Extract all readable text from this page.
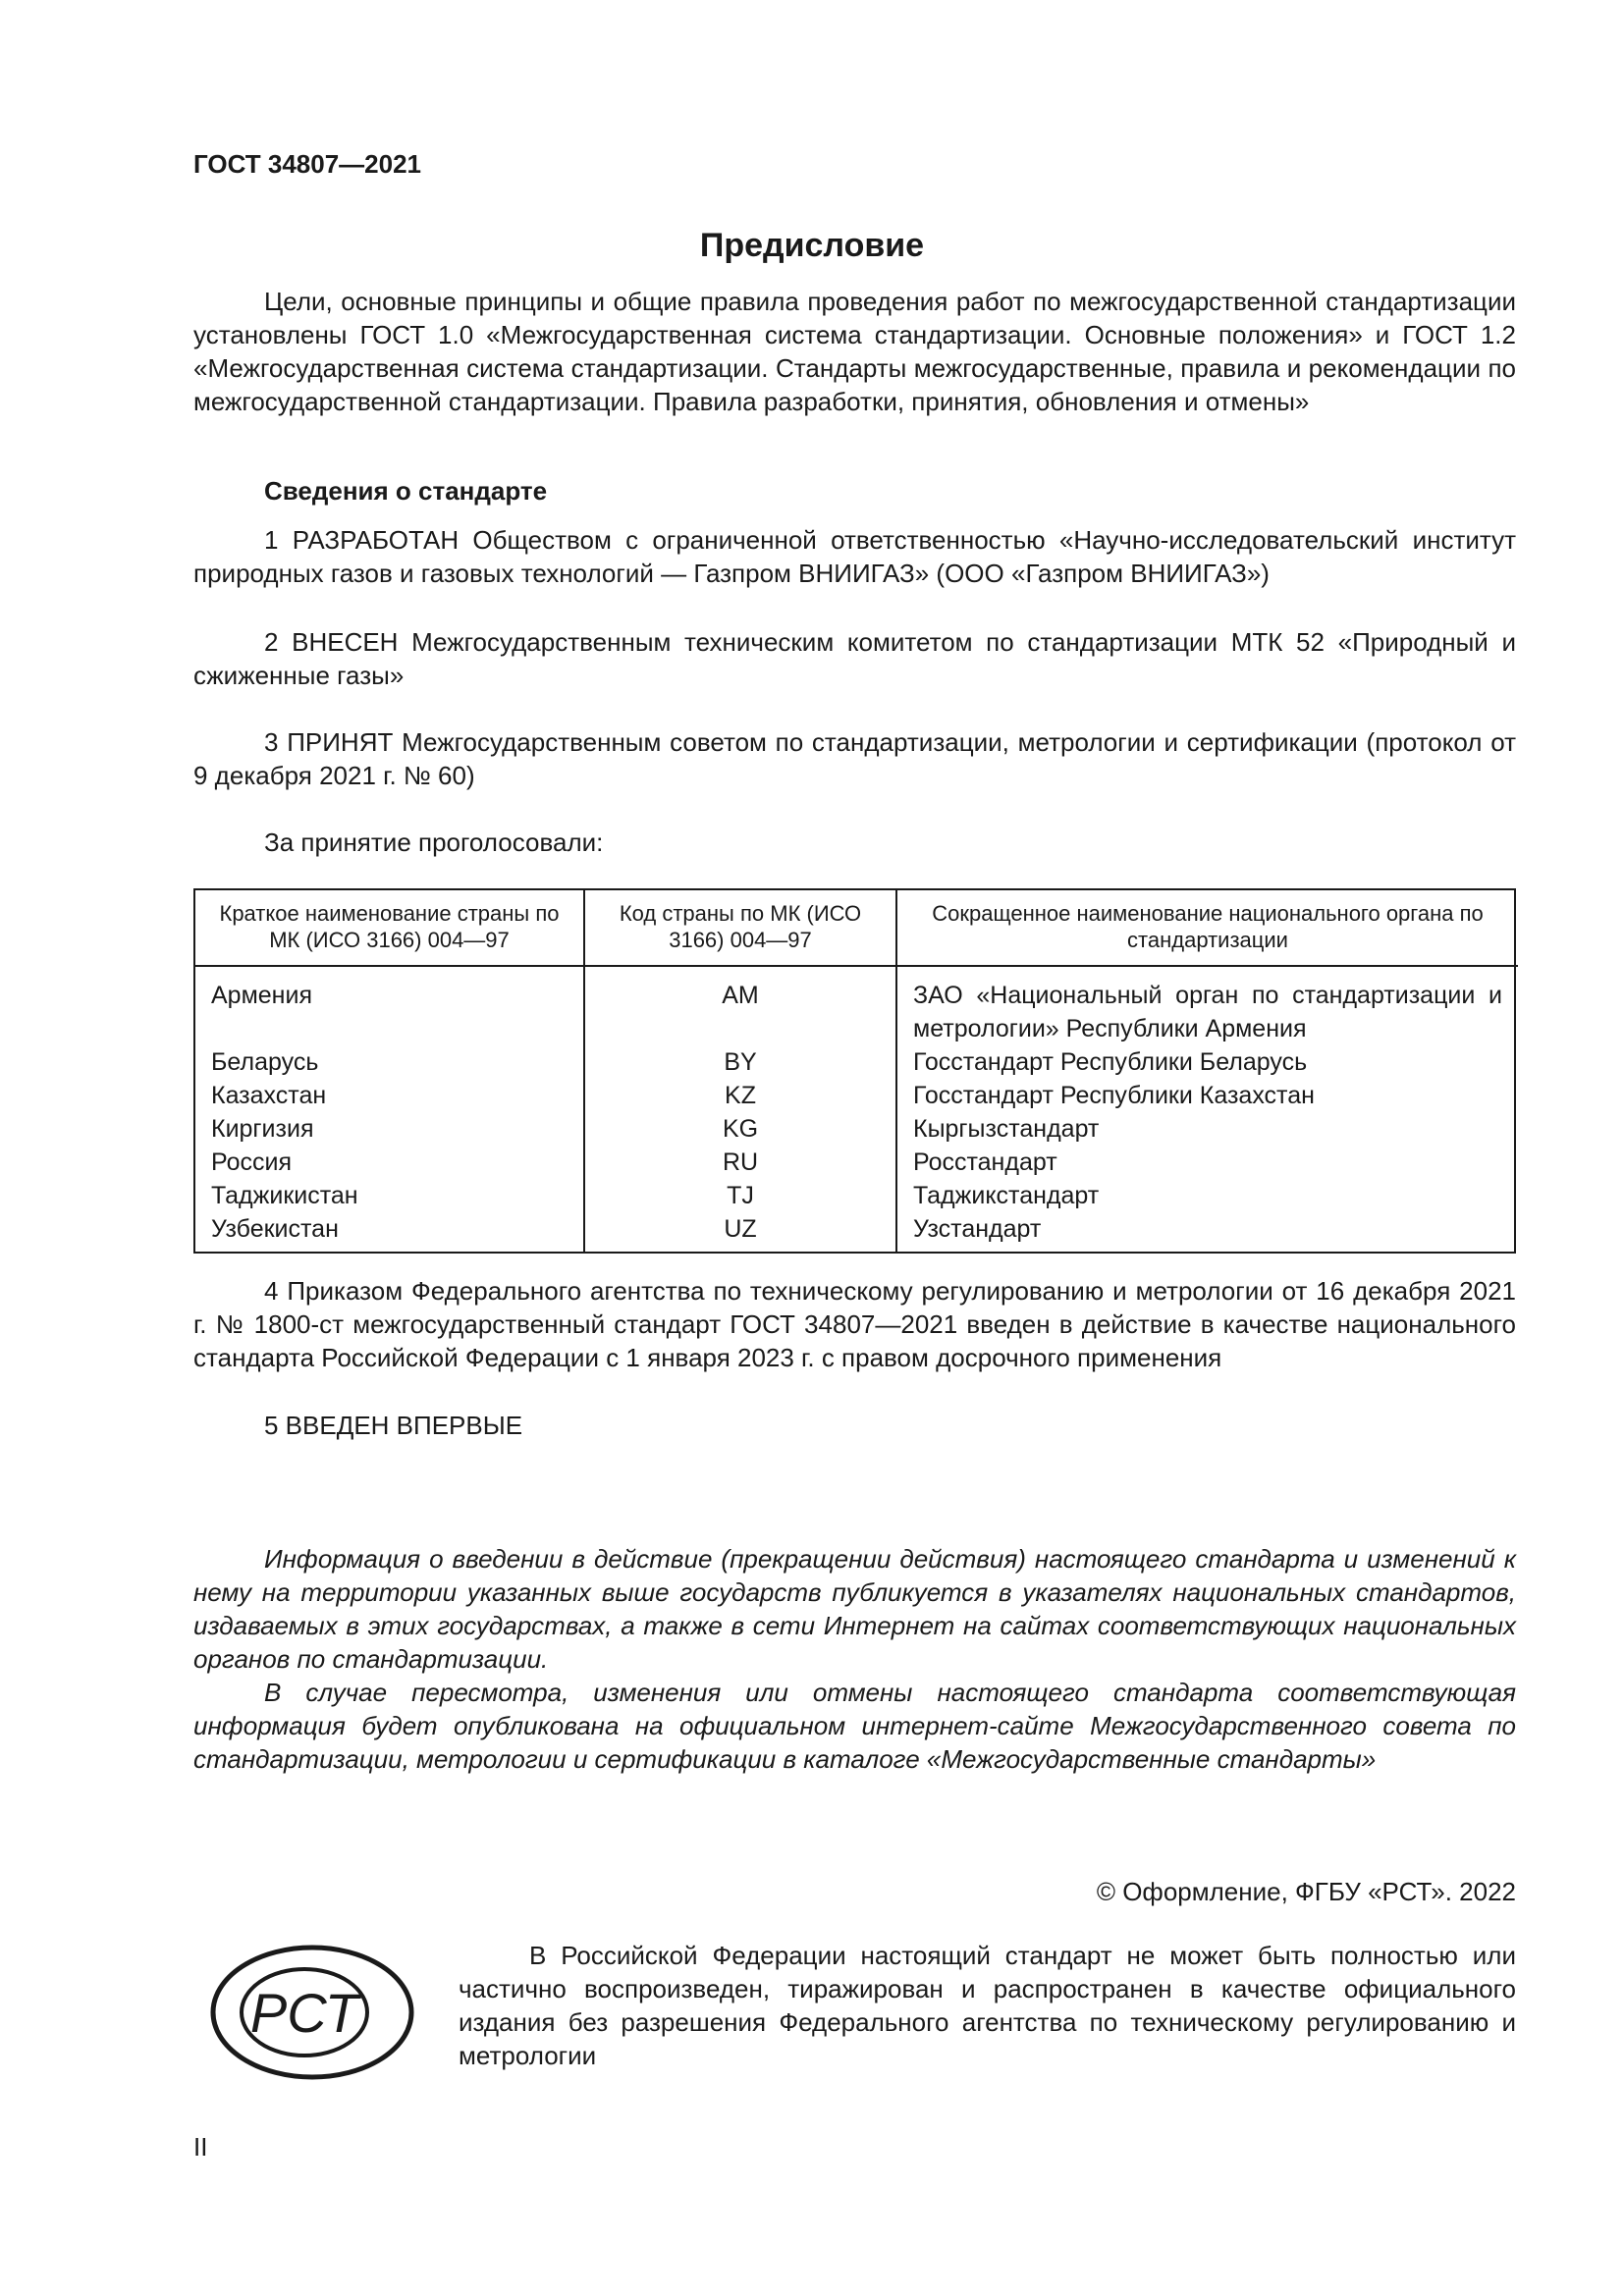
ГОСТ 34807—2021
Предисловие
Цели, основные принципы и общие правила проведения работ по межгосударственной стандартизации установлены ГОСТ 1.0 «Межгосударственная система стандартизации. Основные положения» и ГОСТ 1.2 «Межгосударственная система стандартизации. Стандарты межгосударственные, правила и рекомендации по межгосударственной стандартизации. Правила разработки, принятия, обновления и отмены»
Сведения о стандарте
1 РАЗРАБОТАН Обществом с ограниченной ответственностью «Научно-исследовательский институт природных газов и газовых технологий — Газпром ВНИИГАЗ» (ООО «Газпром ВНИИГАЗ»)
2 ВНЕСЕН Межгосударственным техническим комитетом по стандартизации МТК 52 «Природный и сжиженные газы»
3 ПРИНЯТ Межгосударственным советом по стандартизации, метрологии и сертификации (протокол от 9 декабря 2021 г. № 60)
За принятие проголосовали:
Краткое наименование страны по МК (ИСО 3166) 004—97	Код страны по МК (ИСО 3166) 004—97	Сокращенное наименование национального органа по стандартизации
Армения	AM	ЗАО «Национальный орган по стандартизации и метрологии» Республики Армения
Беларусь	BY	Госстандарт Республики Беларусь
Казахстан	KZ	Госстандарт Республики Казахстан
Киргизия	KG	Кыргызстандарт
Россия	RU	Росстандарт
Таджикистан	TJ	Таджикстандарт
Узбекистан	UZ	Узстандарт
4 Приказом Федерального агентства по техническому регулированию и метрологии от 16 декабря 2021 г. № 1800-ст межгосударственный стандарт ГОСТ 34807—2021 введен в действие в качестве национального стандарта Российской Федерации с 1 января 2023 г. с правом досрочного применения
5 ВВЕДЕН ВПЕРВЫЕ
Информация о введении в действие (прекращении действия) настоящего стандарта и изменений к нему на территории указанных выше государств публикуется в указателях национальных стандартов, издаваемых в этих государствах, а также в сети Интернет на сайтах соответствующих национальных органов по стандартизации.
В случае пересмотра, изменения или отмены настоящего стандарта соответствующая информация будет опубликована на официальном интернет-сайте Межгосударственного совета по стандартизации, метрологии и сертификации в каталоге «Межгосударственные стандарты»
© Оформление, ФГБУ «РСТ». 2022
РСТ
В Российской Федерации настоящий стандарт не может быть полностью или частично воспроизведен, тиражирован и распространен в качестве официального издания без разрешения Федерального агентства по техническому регулированию и метрологии
II
